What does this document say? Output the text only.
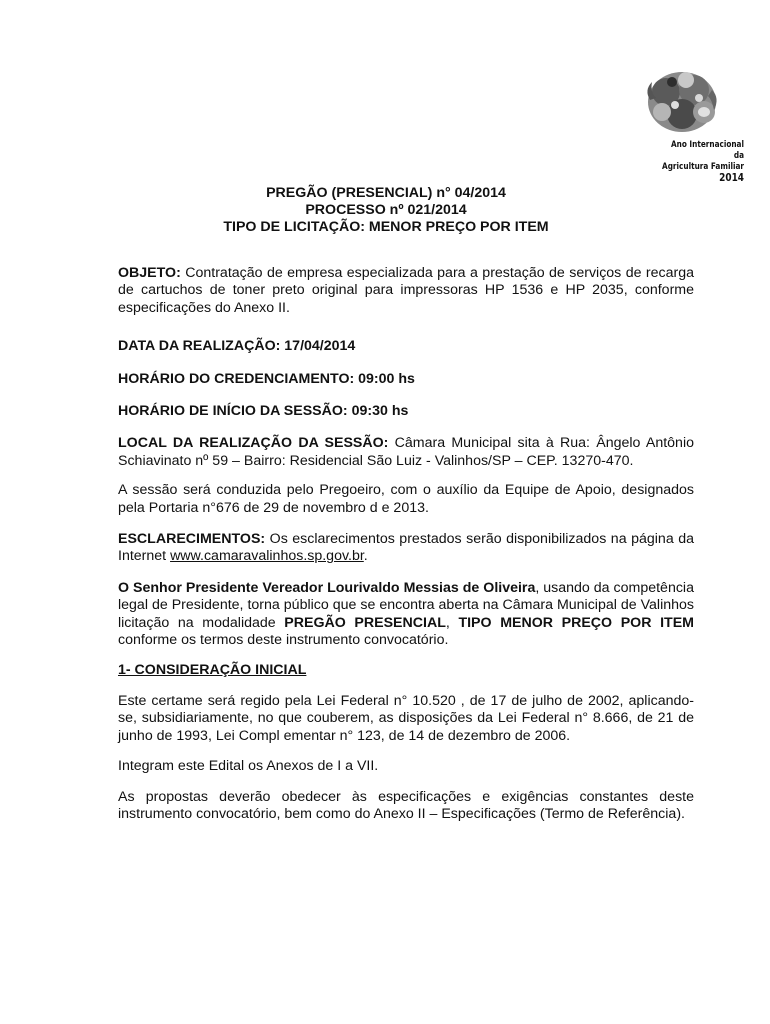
Ano Internacional da
Agricultura Familiar
2014
PREGÃO (PRESENCIAL) n° 04/2014
PROCESSO nº 021/2014
TIPO DE LICITAÇÃO: MENOR PREÇO POR ITEM

OBJETO: Contratação de empresa especializada para a prestação de serviços de recarga de cartuchos de toner preto original para impressoras HP 1536 e HP 2035, conforme especificações do Anexo II.

DATA DA REALIZAÇÃO: 17/04/2014

HORÁRIO DO CREDENCIAMENTO: 09:00 hs

HORÁRIO DE INÍCIO DA SESSÃO: 09:30 hs

LOCAL DA REALIZAÇÃO DA SESSÃO: Câmara Municipal sita à Rua: Ângelo Antônio Schiavinato nº 59 – Bairro: Residencial São Luiz - Valinhos/SP – CEP. 13270-470.

A sessão será conduzida pelo Pregoeiro, com o auxílio da Equipe de Apoio, designados pela Portaria n°676 de 29 de novembro d e 2013.

ESCLARECIMENTOS: Os esclarecimentos prestados serão disponibilizados na página da Internet www.camaravalinhos.sp.gov.br.

O Senhor Presidente Vereador Lourivaldo Messias de Oliveira, usando da competência legal de Presidente, torna público que se encontra aberta na Câmara Municipal de Valinhos licitação na modalidade PREGÃO PRESENCIAL, TIPO MENOR PREÇO POR ITEM conforme os termos deste instrumento convocatório.

1- CONSIDERAÇÃO INICIAL

Este certame será regido pela Lei Federal n° 10.520 , de 17 de julho de 2002, aplicando-se, subsidiariamente, no que couberem, as disposições da Lei Federal n° 8.666, de 21 de junho de 1993, Lei Compl ementar n° 123, de 14 de dezembro de 2006.

Integram este Edital os Anexos de I a VII.

As propostas deverão obedecer às especificações e exigências constantes deste instrumento convocatório, bem como do Anexo II – Especificações (Termo de Referência).
